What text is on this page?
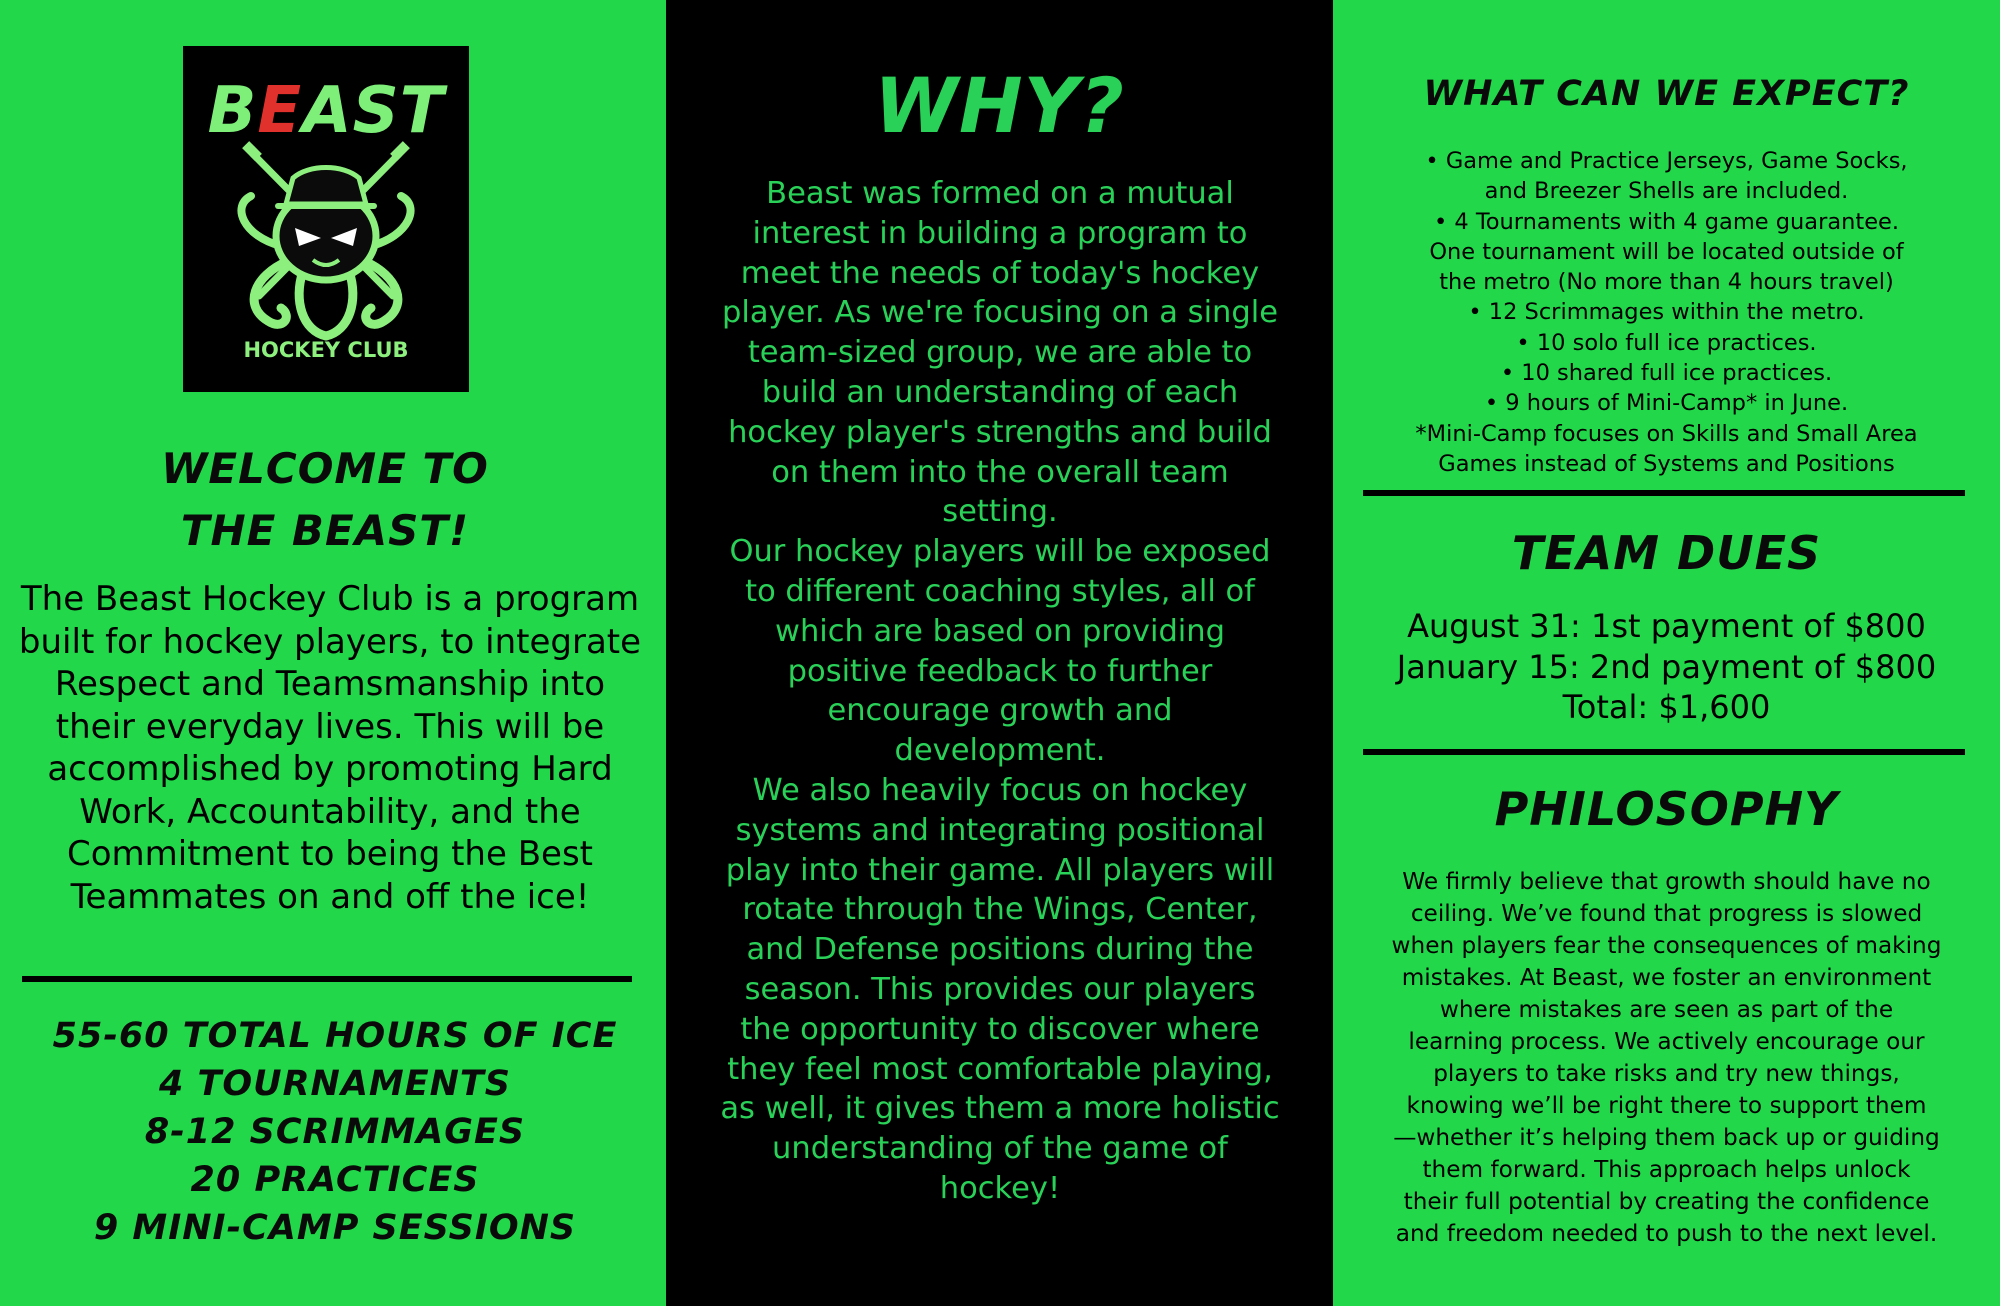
BEAST
HOCKEY CLUB
WELCOME TO
THE BEAST!
The Beast Hockey Club is a program
built for hockey players, to integrate
Respect and Teamsmanship into
their everyday lives. This will be
accomplished by promoting Hard
Work, Accountability, and the
Commitment to being the Best
Teammates on and off the ice!
55-60 TOTAL HOURS OF ICE
4 TOURNAMENTS
8-12 SCRIMMAGES
20 PRACTICES
9 MINI-CAMP SESSIONS
WHY?
Beast was formed on a mutual
interest in building a program to
meet the needs of today's hockey
player. As we're focusing on a single
team-sized group, we are able to
build an understanding of each
hockey player's strengths and build
on them into the overall team
setting.
Our hockey players will be exposed
to different coaching styles, all of
which are based on providing
positive feedback to further
encourage growth and
development.
We also heavily focus on hockey
systems and integrating positional
play into their game. All players will
rotate through the Wings, Center,
and Defense positions during the
season. This provides our players
the opportunity to discover where
they feel most comfortable playing,
as well, it gives them a more holistic
understanding of the game of
hockey!
WHAT CAN WE EXPECT?
• Game and Practice Jerseys, Game Socks,
and Breezer Shells are included.
• 4 Tournaments with 4 game guarantee.
One tournament will be located outside of
the metro (No more than 4 hours travel)
• 12 Scrimmages within the metro.
• 10 solo full ice practices.
• 10 shared full ice practices.
• 9 hours of Mini-Camp* in June.
*Mini-Camp focuses on Skills and Small Area
Games instead of Systems and Positions
TEAM DUES
August 31: 1st payment of $800
January 15: 2nd payment of $800
Total: $1,600
PHILOSOPHY
We firmly believe that growth should have no
ceiling. We’ve found that progress is slowed
when players fear the consequences of making
mistakes. At Beast, we foster an environment
where mistakes are seen as part of the
learning process. We actively encourage our
players to take risks and try new things,
knowing we’ll be right there to support them
—whether it’s helping them back up or guiding
them forward. This approach helps unlock
their full potential by creating the confidence
and freedom needed to push to the next level.
